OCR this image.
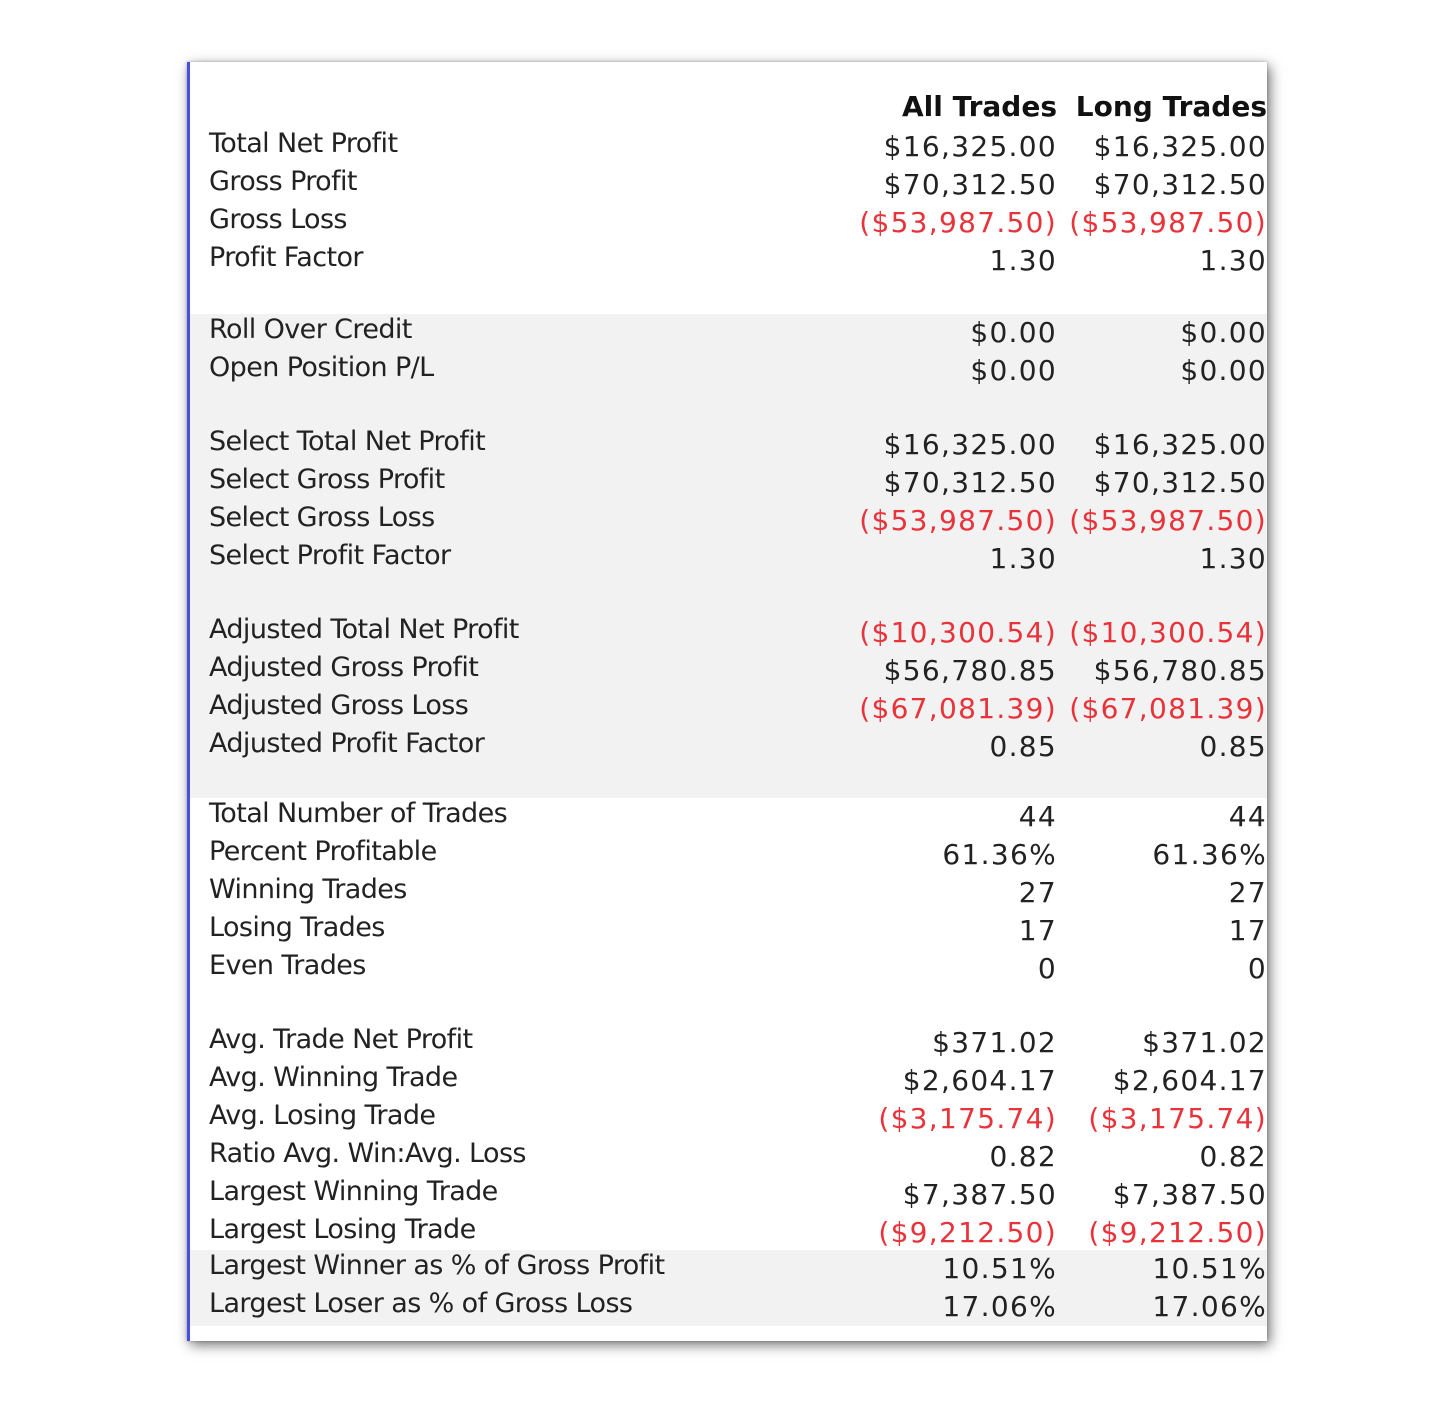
All Trades Long Trades
Total Net Profit	$16,325.00 $16,325.00
Gross Profit	$70,312.50 $70,312.50
Gross Loss	($53,987.50) ($53,987.50)
Profit Factor	1.30	1.30
Roll Over Credit	$0.00	$0.00
Open Position P/L	$0.00	$0.00
Select Total Net Profit	$16,325.00 $16,325.00
Select Gross Profit	$70,312.50 $70,312.50
Select Gross Loss	($53,987.50) ($53,987.50)
Select Profit Factor	1.30	1.30
Adjusted Total Net Profit	($10,300.54) ($10,300.54)
Adjusted Gross Profit	$56,780.85 $56,780.85
Adjusted Gross Loss	($67,081.39) ($67,081.39)
Adjusted Profit Factor	0.85	0.85
Total Number of Trades	44	44
Percent Profitable	61.36%	61.36%
Winning Trades	27	27
Losing Trades	17	17
Even Trades	0	0
Avg. Trade Net Profit	$371.02	$371.02
Avg. Winning Trade	$2,604.17 $2,604.17
Avg. Losing Trade	($3,175.74) ($3,175.74)
Ratio Avg. Win:Avg. Loss	0.82	0.82
Largest Winning Trade	$7,387.50 $7,387.50
Largest Losing Trade	($9,212.50) ($9,212.50)
Largest Winner as % of Gross Profit	10.51%	10.51%
Largest Loser as % of Gross Loss	17.06%	17.06%
